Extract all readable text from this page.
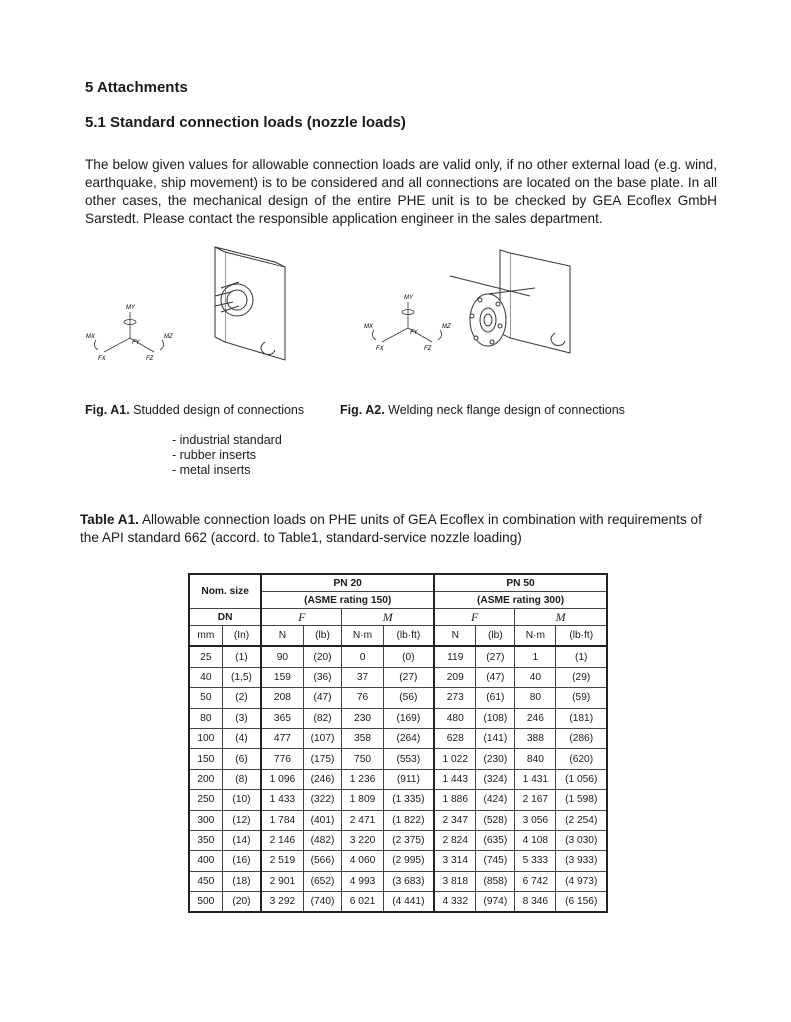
5 Attachments
5.1 Standard connection loads (nozzle loads)
The below given values for allowable connection loads are valid only, if no other external load (e.g. wind, earthquake, ship movement) is to be considered and all connections are located on the base plate. In all other cases, the mechanical design of the entire PHE unit is to be checked by GEA Ecoflex GmbH Sarstedt. Please contact the responsible application engineer in the sales department.
MY
MX	MZ
FY
FX	FZ
MY
MX	MZ
FY
FX	FZ
Fig. A1. Studded design of connections	Fig. A2. Welding neck flange design of connections
- industrial standard
- rubber inserts
- metal inserts
Table A1. Allowable connection loads on PHE units of GEA Ecoflex in combination with requirements of the API standard 662 (accord. to Table1, standard-service nozzle loading)
Nom. size		PN 20				PN 50			

		(ASME rating 150)				(ASME rating 300)			
DN		F		M		F		M	
mm	(In)	N	(lb)	N·m	(lb·ft)	N	(lb)	N·m	(lb·ft)
25	(1)	90	(20)	0	(0)	119	(27)	1	(1)
40	(1,5)	159	(36)	37	(27)	209	(47)	40	(29)
50	(2)	208	(47)	76	(56)	273	(61)	80	(59)
80	(3)	365	(82)	230	(169)	480	(108)	246	(181)
100	(4)	477	(107)	358	(264)	628	(141)	388	(286)
150	(6)	776	(175)	750	(553)	1 022	(230)	840	(620)
200	(8)	1 096	(246)	1 236	(911)	1 443	(324)	1 431	(1 056)
250	(10)	1 433	(322)	1 809	(1 335)	1 886	(424)	2 167	(1 598)
300	(12)	1 784	(401)	2 471	(1 822)	2 347	(528)	3 056	(2 254)
350	(14)	2 146	(482)	3 220	(2 375)	2 824	(635)	4 108	(3 030)
400	(16)	2 519	(566)	4 060	(2 995)	3 314	(745)	5 333	(3 933)
450	(18)	2 901	(652)	4 993	(3 683)	3 818	(858)	6 742	(4 973)
500	(20)	3 292	(740)	6 021	(4 441)	4 332	(974)	8 346	(6 156)
